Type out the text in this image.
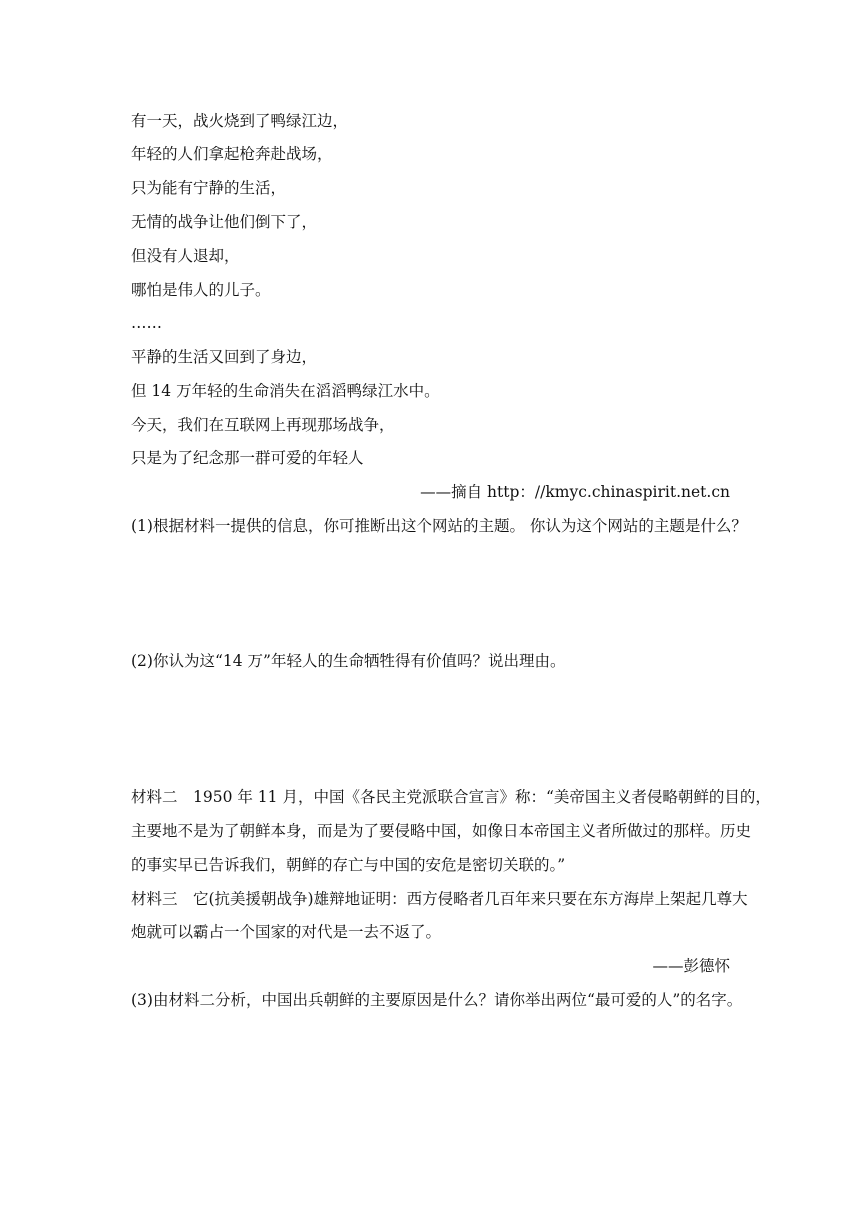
有一天，战火烧到了鸭绿江边，
年轻的人们拿起枪奔赴战场，
只为能有宁静的生活，
无情的战争让他们倒下了，
但没有人退却，
哪怕是伟人的儿子。
……
平静的生活又回到了身边，
但 14 万年轻的生命消失在滔滔鸭绿江水中。
今天，我们在互联网上再现那场战争，
只是为了纪念那一群可爱的年轻人
——摘自 http：//kmyc.chinaspirit.net.cn
(1)根据材料一提供的信息，你可推断出这个网站的主题。 你认为这个网站的主题是什么？
(2)你认为这“14 万”年轻人的生命牺牲得有价值吗？说出理由。
材料二　1950 年 11 月，中国《各民主党派联合宣言》称：“美帝国主义者侵略朝鲜的目的，
主要地不是为了朝鲜本身，而是为了要侵略中国，如像日本帝国主义者所做过的那样。历史
的事实早已告诉我们，朝鲜的存亡与中国的安危是密切关联的。”
材料三　它(抗美援朝战争)雄辩地证明：西方侵略者几百年来只要在东方海岸上架起几尊大
炮就可以霸占一个国家的对代是一去不返了。
——彭德怀
(3)由材料二分析，中国出兵朝鲜的主要原因是什么？请你举出两位“最可爱的人”的名字。
